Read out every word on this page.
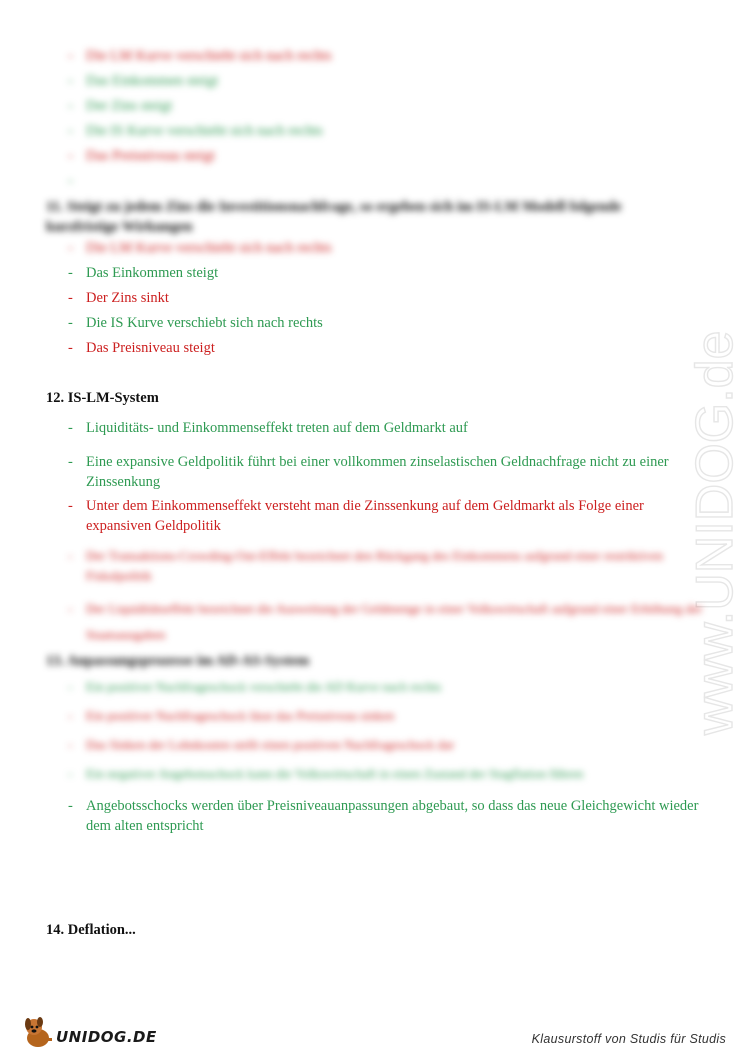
www.UNIDOG.de
- Die LM Kurve verschiebt sich nach rechts
- Das Einkommen steigt
- Der Zins steigt
- Die IS Kurve verschiebt sich nach rechts
- Das Preisniveau steigt
-
11. Steigt zu jedem Zins die Investitionsnachfrage, so ergeben sich im IS-LM Modell folgende kurzfristige Wirkungen
- Die LM Kurve verschiebt sich nach rechts
- Das Einkommen steigt
- Der Zins sinkt
- Die IS Kurve verschiebt sich nach rechts
- Das Preisniveau steigt
12. IS-LM-System
- Liquiditäts- und Einkommenseffekt treten auf dem Geldmarkt auf
- Eine expansive Geldpolitik führt bei einer vollkommen zinselastischen Geldnachfrage nicht zu einer Zinssenkung
- Unter dem Einkommenseffekt versteht man die Zinssenkung auf dem Geldmarkt als Folge einer expansiven Geldpolitik
- Der Transaktions-Crowding-Out-Effekt bezeichnet den Rückgang des Einkommens aufgrund einer restriktiven Fiskalpolitik
- Der Liquiditätseffekt bezeichnet die Ausweitung der Geldmenge in einer Volkswirtschaft aufgrund einer Erhöhung der Staatsausgaben
13. Anpassungsprozesse im AD-AS-System
- Ein positiver Nachfrageschock verschiebt die AD Kurve nach rechts
- Ein positiver Nachfrageschock lässt das Preisniveau sinken
- Das Sinken der Lohnkosten stellt einen positiven Nachfrageschock dar
- Ein negativer Angebotsschock kann die Volkswirtschaft in einen Zustand der Stagflation führen
- Angebotsschocks werden über Preisniveauanpassungen abgebaut, so dass das neue Gleichgewicht wieder dem alten entspricht
14. Deflation...
UNIDOG.DE	Klausurstoff von Studis für Studis
